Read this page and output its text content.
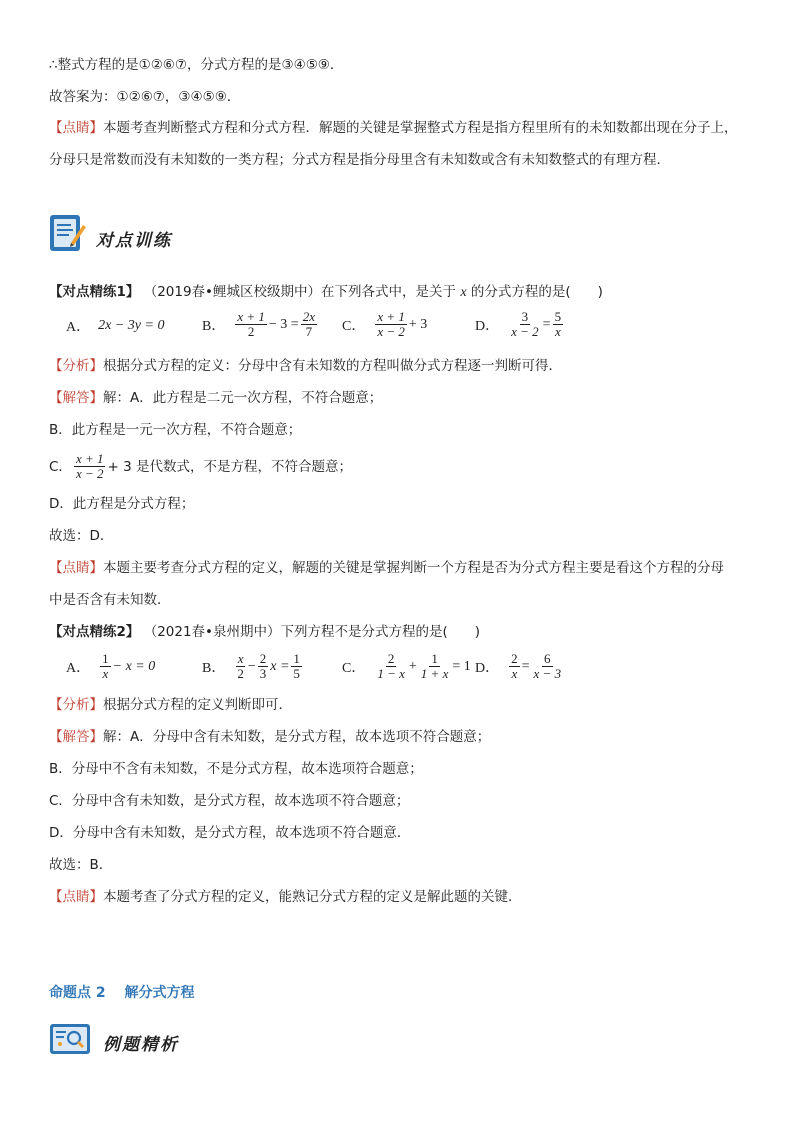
∴整式方程的是①②⑥⑦，分式方程的是③④⑤⑨．
故答案为：①②⑥⑦，③④⑤⑨．
【点睛】本题考查判断整式方程和分式方程．解题的关键是掌握整式方程是指方程里所有的未知数都出现在分子上，
分母只是常数而没有未知数的一类方程；分式方程是指分母里含有未知数或含有未知数整式的有理方程．
对点训练
【对点精练1】 （2019春•鲤城区校级期中）在下列各式中，是关于 x 的分式方程的是(　　)
A． 2x − 3y = 0	B． $\frac{x + 1}{2} - 3 = \frac{2x}{7}$ C． $\frac{x + 1}{x - 2} + 3$	D． $\frac{3}{x - 2} = \frac{5}{x}$
【分析】根据分式方程的定义：分母中含有未知数的方程叫做分式方程逐一判断可得．
【解答】解：A．此方程是二元一次方程，不符合题意；
B．此方程是一元一次方程，不符合题意；
C． $\frac{x + 1}{x - 2} + 3$ 是代数式，不是方程，不符合题意；
D．此方程是分式方程；
故选：D．
【点睛】本题主要考查分式方程的定义，解题的关键是掌握判断一个方程是否为分式方程主要是看这个方程的分母
中是否含有未知数．
【对点精练2】 （2021春•泉州期中）下列方程不是分式方程的是(　　)
A． $\frac{1}{x} - x = 0$	B． $\frac{x}{2} - \frac{2}{3}$ $x = \frac{1}{5}$	C． $\frac{2}{1 - x} + \frac{1}{1 + x} = 1$ D． $\frac{2}{x} = \frac{6}{x - 3}$
【分析】根据分式方程的定义判断即可．
【解答】解：A．分母中含有未知数，是分式方程，故本选项不符合题意；
B．分母中不含有未知数，不是分式方程，故本选项符合题意；
C．分母中含有未知数，是分式方程，故本选项不符合题意；
D．分母中含有未知数，是分式方程，故本选项不符合题意．
故选：B．
【点睛】本题考查了分式方程的定义，能熟记分式方程的定义是解此题的关键．
命题点 2 解分式方程
例题精析
